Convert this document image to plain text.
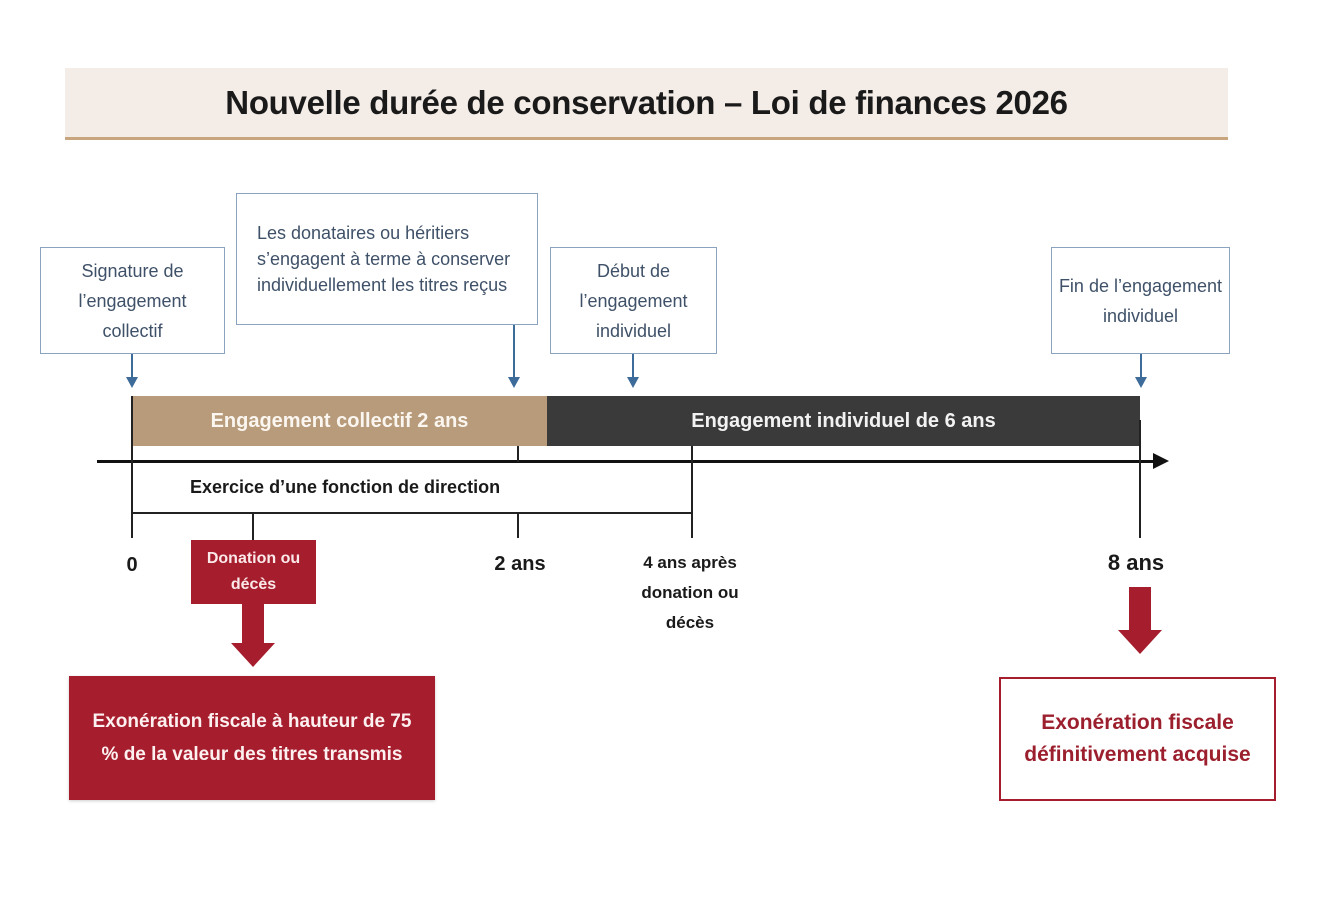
Nouvelle durée de conservation – Loi de finances 2026
Signature de l’engagement collectif
Les donataires ou héritiers s’engagent à terme à conserver individuellement les titres reçus
Début de l’engagement individuel
Fin de l’engagement individuel
Engagement collectif 2 ans	Engagement individuel de 6 ans
Exercice d’une fonction de direction
0	2 ans	4 ans après donation ou décès
8 ans
Donation ou décès
Exonération fiscale à hauteur de 75 % de la valeur des titres transmis
Exonération fiscale définitivement acquise
